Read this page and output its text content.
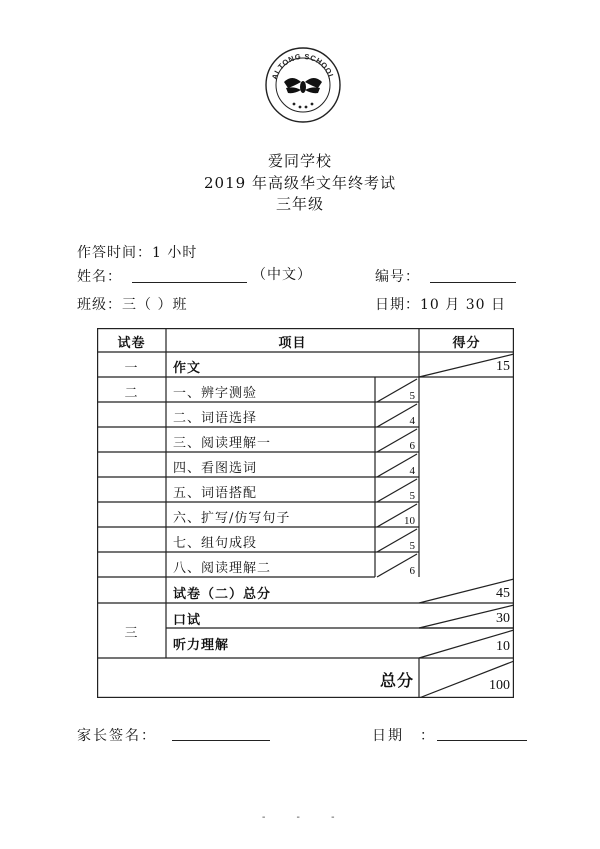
AI TONG SCHOOL
爱同学校
2019 年高级华文年终考试
三年级
作答时间：1 小时
姓名：	（中文）	编号：
班级：三（ ）班	日期：10 月 30 日
试卷	项目	得分
一	作文	15
二	一、辨字测验	5
二、词语选择	4
三、阅读理解一	6
四、看图选词	4
五、词语搭配	5
六、扩写/仿写句子	10
七、组句成段	5
八、阅读理解二	6
试卷（二）总分	45
三
口试	30
听力理解	10
总分	100
家长签名：	日期　：
- - -
